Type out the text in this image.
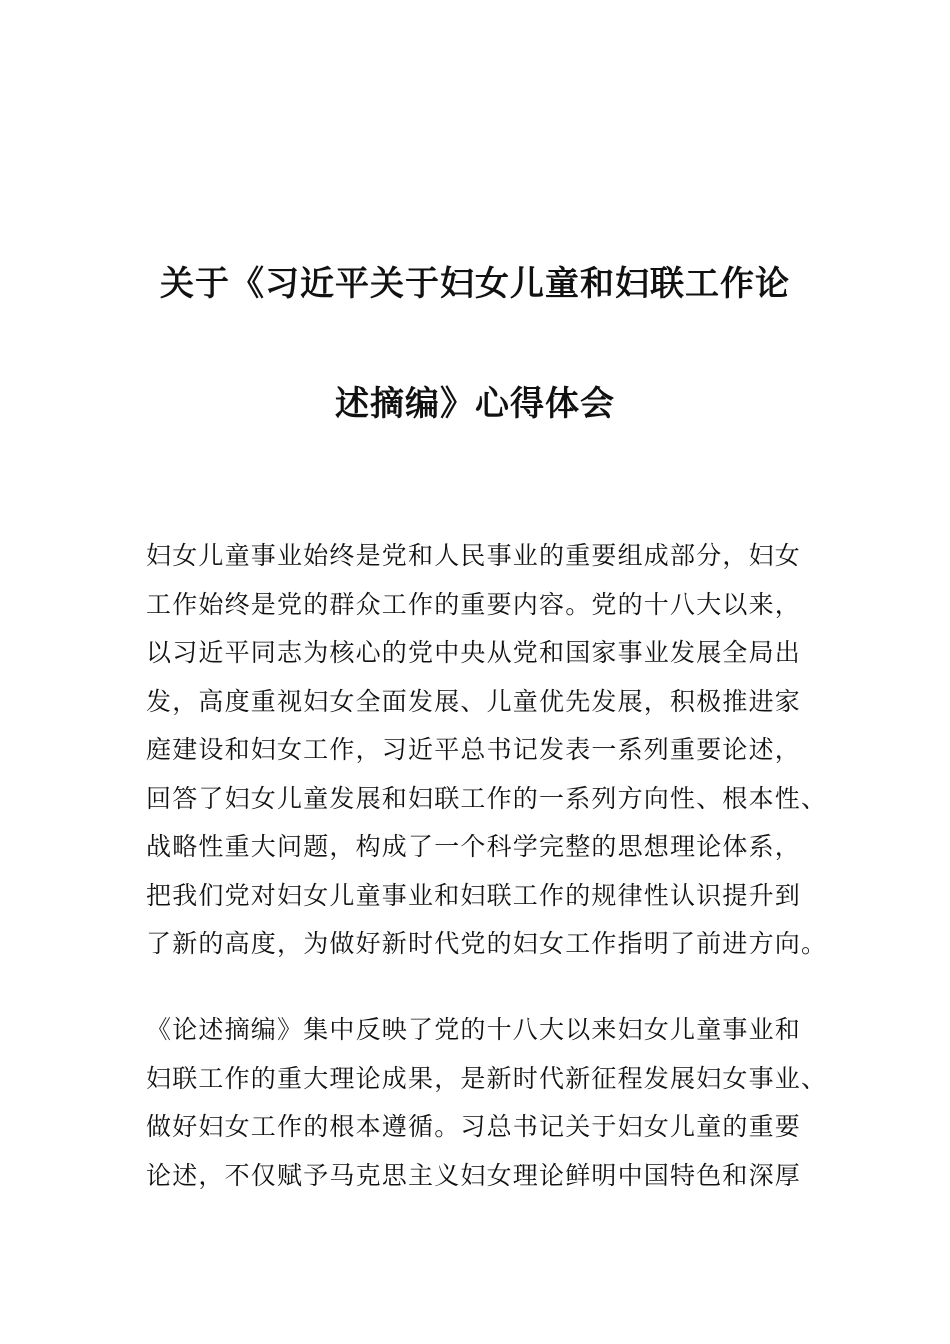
关于《习近平关于妇女儿童和妇联工作论
述摘编》心得体会
妇女儿童事业始终是党和人民事业的重要组成部分，妇女
工作始终是党的群众工作的重要内容。党的十八大以来，
以习近平同志为核心的党中央从党和国家事业发展全局出
发，高度重视妇女全面发展、儿童优先发展，积极推进家
庭建设和妇女工作，习近平总书记发表一系列重要论述，
回答了妇女儿童发展和妇联工作的一系列方向性、根本性、
战略性重大问题，构成了一个科学完整的思想理论体系，
把我们党对妇女儿童事业和妇联工作的规律性认识提升到
了新的高度，为做好新时代党的妇女工作指明了前进方向。
《论述摘编》集中反映了党的十八大以来妇女儿童事业和
妇联工作的重大理论成果，是新时代新征程发展妇女事业、
做好妇女工作的根本遵循。习总书记关于妇女儿童的重要
论述，不仅赋予马克思主义妇女理论鲜明中国特色和深厚
